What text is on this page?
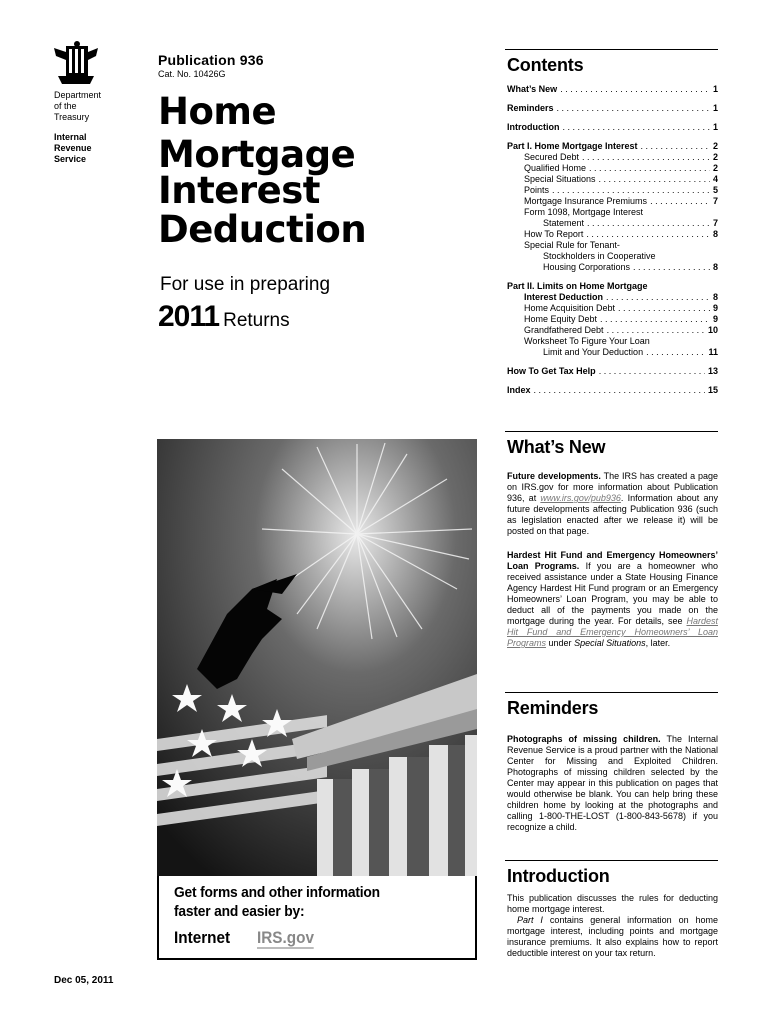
Department
of the
Treasury
Internal
Revenue
Service
Publication 936
Cat. No. 10426G
Home
Mortgage
Interest
Deduction
For use in preparing
2011 Returns
Get forms and other information
faster and easier by:
Internet IRS.gov
Dec 05, 2011
Contents
What’s New . . .	1
Reminders . . .	1
Introduction . . .	1
Part I. Home Mortgage Interest . . .	2
Secured Debt . . .	2
Qualified Home . . .	2
Special Situations . . .	4
Points . . .	5
Mortgage Insurance Premiums . . .	7
Form 1098, Mortgage Interest
Statement . . .	7
How To Report . . .	8
Special Rule for Tenant-
Stockholders in Cooperative
Housing Corporations . . .	8
Part II. Limits on Home Mortgage
Interest Deduction . . .	8
Home Acquisition Debt . . .	9
Home Equity Debt . . .	9
Grandfathered Debt . . .	10
Worksheet To Figure Your Loan
Limit and Your Deduction . . .	11
How To Get Tax Help . . .	13
Index . . .	15
What’s New
Future developments. The IRS has created a page on IRS.gov for more information about Publication 936, at www.irs.gov/pub936. Information about any future developments affecting Publication 936 (such as legislation enacted after we release it) will be posted on that page.
Hardest Hit Fund and Emergency Homeowners’ Loan Programs. If you are a homeowner who received assistance under a State Housing Finance Agency Hardest Hit Fund program or an Emergency Homeowners’ Loan Program, you may be able to deduct all of the payments you made on the mortgage during the year. For details, see Hardest Hit Fund and Emergency Homeowners’ Loan Programs under Special Situations, later.
Reminders
Photographs of missing children. The Internal Revenue Service is a proud partner with the National Center for Missing and Exploited Children. Photographs of missing children selected by the Center may appear in this publication on pages that would otherwise be blank. You can help bring these children home by looking at the photographs and calling 1-800-THE-LOST (1-800-843-5678) if you recognize a child.
Introduction
This publication discusses the rules for deducting home mortgage interest.
Part I contains general information on home mortgage interest, including points and mortgage insurance premiums. It also explains how to report deductible interest on your tax return.
